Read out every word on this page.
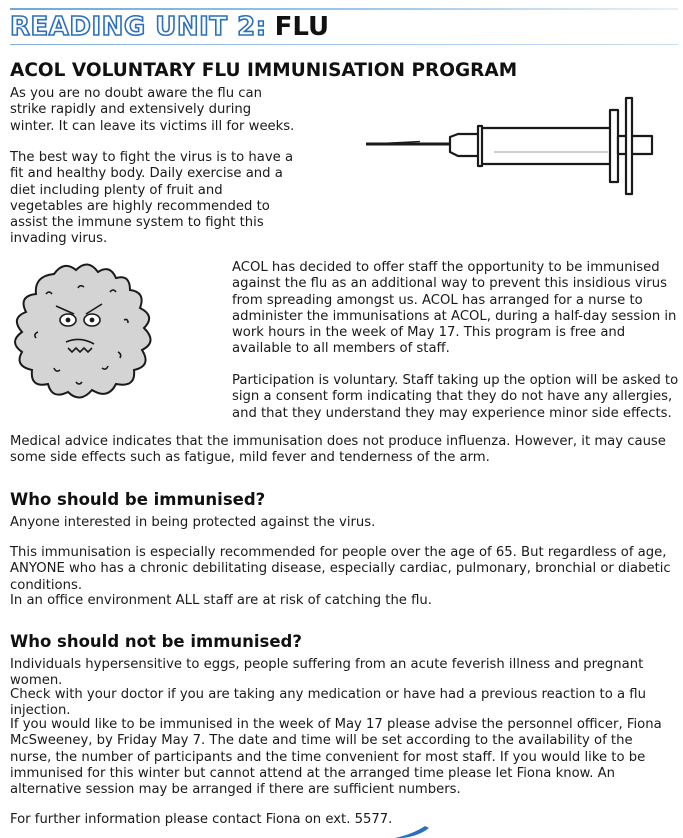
READING UNIT 2: FLU
ACOL VOLUNTARY FLU IMMUNISATION PROGRAM

As you are no doubt aware the flu can strike rapidly and extensively during winter. It can leave its victims ill for weeks.

The best way to fight the virus is to have a fit and healthy body. Daily exercise and a diet including plenty of fruit and vegetables are highly recommended to assist the immune system to fight this invading virus.

ACOL has decided to offer staff the opportunity to be immunised against the flu as an additional way to prevent this insidious virus from spreading amongst us. ACOL has arranged for a nurse to administer the immunisations at ACOL, during a half-day session in work hours in the week of May 17. This program is free and available to all members of staff.

Participation is voluntary. Staff taking up the option will be asked to sign a consent form indicating that they do not have any allergies, and that they understand they may experience minor side effects.

Medical advice indicates that the immunisation does not produce influenza. However, it may cause some side effects such as fatigue, mild fever and tenderness of the arm.

Who should be immunised?

Anyone interested in being protected against the virus.

This immunisation is especially recommended for people over the age of 65. But regardless of age, ANYONE who has a chronic debilitating disease, especially cardiac, pulmonary, bronchial or diabetic conditions.

In an office environment ALL staff are at risk of catching the flu.

Who should not be immunised?

Individuals hypersensitive to eggs, people suffering from an acute feverish illness and pregnant women.

Check with your doctor if you are taking any medication or have had a previous reaction to a flu injection.

If you would like to be immunised in the week of May 17 please advise the personnel officer, Fiona McSweeney, by Friday May 7. The date and time will be set according to the availability of the nurse, the number of participants and the time convenient for most staff. If you would like to be immunised for this winter but cannot attend at the arranged time please let Fiona know. An alternative session may be arranged if there are sufficient numbers.

For further information please contact Fiona on ext. 5577.
